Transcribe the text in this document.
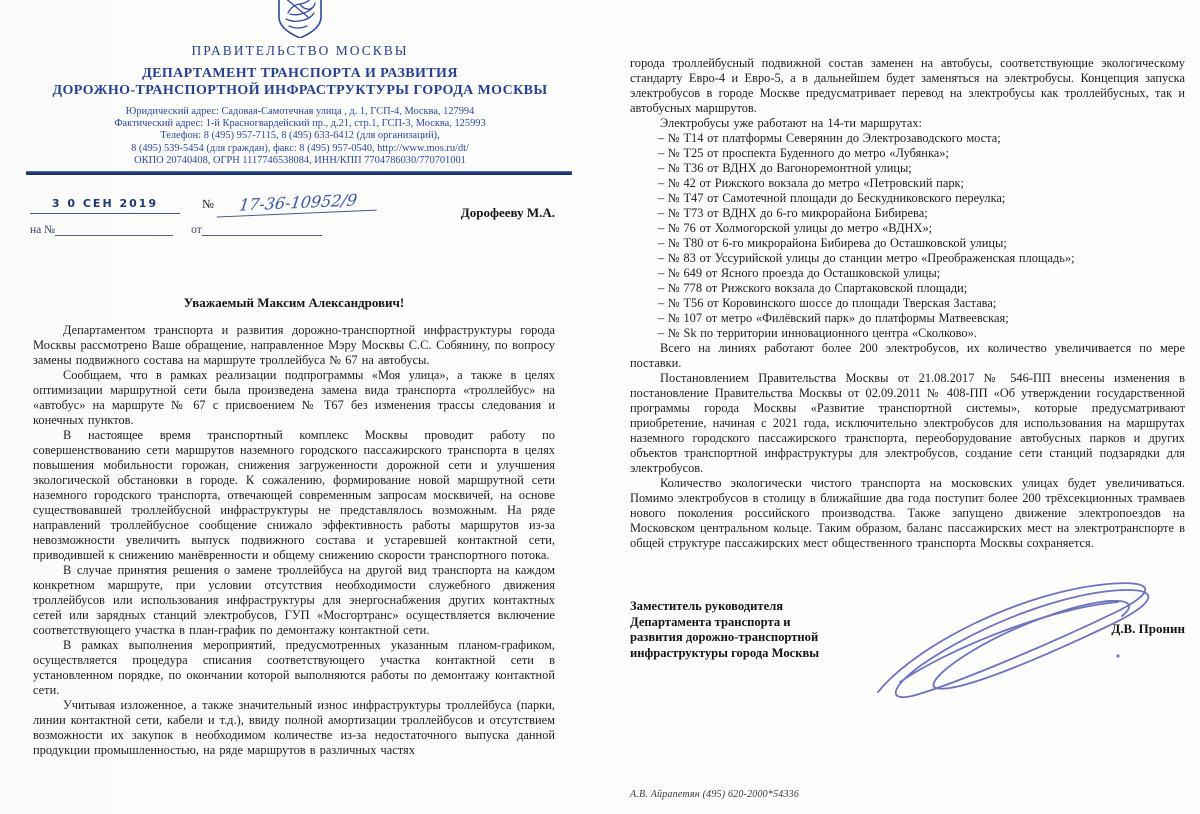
ПРАВИТЕЛЬСТВО МОСКВЫ
ДЕПАРТАМЕНТ ТРАНСПОРТА И РАЗВИТИЯ
ДОРОЖНО-ТРАНСПОРТНОЙ ИНФРАСТРУКТУРЫ ГОРОДА МОСКВЫ
Юридический адрес: Садовая-Самотечная улица , д. 1, ГСП-4, Москва, 127994
Фактический адрес: 1-й Красногвардейский пр., д.21, стр.1, ГСП-3, Москва, 125993
Телефон: 8 (495) 957-7115, 8 (495) 633-6412 (для организаций),
8 (495) 539-5454 (для граждан), факс: 8 (495) 957-0540, http://www.mos.ru/dt/
ОКПО 20740408, ОГРН 1117746538084, ИНН/КПП 7704786030/770701001
3 0 СЕН 2019	№	17-36-10952/9
на №	от
Дорофееву М.А.
Уважаемый Максим Александрович!

Департаментом транспорта и развития дорожно-транспортной инфраструктуры города Москвы рассмотрено Ваше обращение, направленное Мэру Москвы С.С. Собянину, по вопросу замены подвижного состава на маршруте троллейбуса № 67 на автобусы.

Сообщаем, что в рамках реализации подпрограммы «Моя улица», а также в целях оптимизации маршрутной сети была произведена замена вида транспорта «троллейбус» на «автобус» на маршруте № 67 с присвоением № Т67 без изменения трассы следования и конечных пунктов.

В настоящее время транспортный комплекс Москвы проводит работу по совершенствованию сети маршрутов наземного городского пассажирского транспорта в целях повышения мобильности горожан, снижения загруженности дорожной сети и улучшения экологической обстановки в городе. К сожалению, формирование новой маршрутной сети наземного городского транспорта, отвечающей современным запросам москвичей, на основе существовавшей троллейбусной инфраструктуры не представлялось возможным. На ряде направлений троллейбусное сообщение снижало эффективность работы маршрутов из-за невозможности увеличить выпуск подвижного состава и устаревшей контактной сети, приводившей к снижению манёвренности и общему снижению скорости транспортного потока.

В случае принятия решения о замене троллейбуса на другой вид транспорта на каждом конкретном маршруте, при условии отсутствия необходимости служебного движения троллейбусов или использования инфраструктуры для энергоснабжения других контактных сетей или зарядных станций электробусов, ГУП «Мосгортранс» осуществляется включение соответствующего участка в план-график по демонтажу контактной сети.

В рамках выполнения мероприятий, предусмотренных указанным планом-графиком, осуществляется процедура списания соответствующего участка контактной сети в установленном порядке, по окончании которой выполняются работы по демонтажу контактной сети.

Учитывая изложенное, а также значительный износ инфраструктуры троллейбуса (парки, линии контактной сети, кабели и т.д.), ввиду полной амортизации троллейбусов и отсутствием возможности их закупок в необходимом количестве из-за недостаточного выпуска данной продукции промышленностью, на ряде маршрутов в различных частях

города троллейбусный подвижной состав заменен на автобусы, соответствующие экологическому стандарту Евро-4 и Евро-5, а в дальнейшем будет заменяться на электробусы. Концепция запуска электробусов в городе Москве предусматривает перевод на электробусы как троллейбусных, так и автобусных маршрутов.

Электробусы уже работают на 14-ти маршрутах:

– № Т14 от платформы Северянин до Электрозаводского моста;
– № Т25 от проспекта Буденного до метро «Лубянка»;
– № Т36 от ВДНХ до Вагоноремонтной улицы;
– № 42 от Рижского вокзала до метро «Петровский парк;
– № Т47 от Самотечной площади до Бескудниковского переулка;
– № Т73 от ВДНХ до 6-го микрорайона Бибирева;
– № 76 от Холмогорской улицы до метро «ВДНХ»;
– № Т80 от 6-го микрорайона Бибирева до Осташковской улицы;
– № 83 от Уссурийской улицы до станции метро «Преображенская площадь»;
– № 649 от Ясного проезда до Осташковской улицы;
– № 778 от Рижского вокзала до Спартаковской площади;
– № Т56 от Коровинского шоссе до площади Тверская Застава;
– № 107 от метро «Филёвский парк» до платформы Матвеевская;
– № Sk по территории инновационного центра «Сколково».

Всего на линиях работают более 200 электробусов, их количество увеличивается по мере поставки.

Постановлением Правительства Москвы от 21.08.2017 № 546-ПП внесены изменения в постановление Правительства Москвы от 02.09.2011 № 408-ПП «Об утверждении государственной программы города Москвы «Развитие транспортной системы», которые предусматривают приобретение, начиная с 2021 года, исключительно электробусов для использования на маршрутах наземного городского пассажирского транспорта, переоборудование автобусных парков и других объектов транспортной инфраструктуры для электробусов, создание сети станций подзарядки для электробусов.

Количество экологически чистого транспорта на московских улицах будет увеличиваться. Помимо электробусов в столицу в ближайшие два года поступит более 200 трёхсекционных трамваев нового поколения российского производства. Также запущено движение электропоездов на Московском центральном кольце. Таким образом, баланс пассажирских мест на электротранспорте в общей структуре пассажирских мест общественного транспорта Москвы сохраняется.

Заместитель руководителя
Департамента транспорта и
развития дорожно-транспортной
инфраструктуры города Москвы
Д.В. Пронин
А.В. Айрапетян (495) 620-2000*54336
